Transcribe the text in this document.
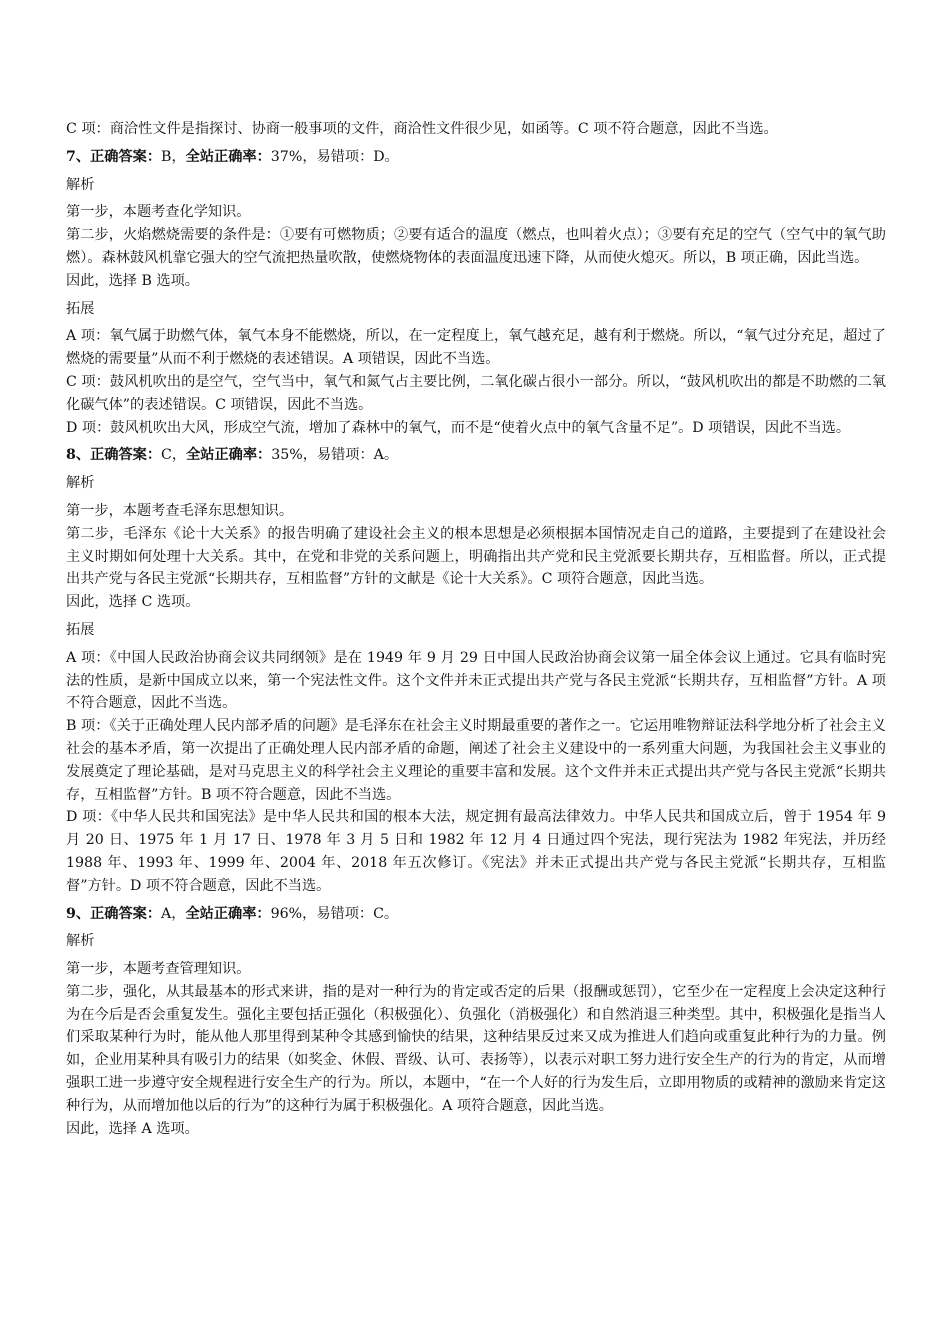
C 项：商洽性文件是指探讨、协商一般事项的文件，商洽性文件很少见，如函等。C 项不符合题意，因此不当选。

7、正确答案：B，全站正确率：37%，易错项：D。

解析

第一步，本题考查化学知识。

第二步，火焰燃烧需要的条件是：①要有可燃物质；②要有适合的温度（燃点，也叫着火点）；③要有充足的空气（空气中的氧气助燃）。森林鼓风机靠它强大的空气流把热量吹散，使燃烧物体的表面温度迅速下降，从而使火熄灭。所以，B 项正确，因此当选。

因此，选择 B 选项。

拓展

A 项：氧气属于助燃气体，氧气本身不能燃烧，所以，在一定程度上，氧气越充足，越有利于燃烧。所以，“氧气过分充足，超过了燃烧的需要量”从而不利于燃烧的表述错误。A 项错误，因此不当选。

C 项：鼓风机吹出的是空气，空气当中，氧气和氮气占主要比例，二氧化碳占很小一部分。所以，“鼓风机吹出的都是不助燃的二氧化碳气体”的表述错误。C 项错误，因此不当选。

D 项：鼓风机吹出大风，形成空气流，增加了森林中的氧气，而不是“使着火点中的氧气含量不足”。D 项错误，因此不当选。

8、正确答案：C，全站正确率：35%，易错项：A。

解析

第一步，本题考查毛泽东思想知识。

第二步，毛泽东《论十大关系》的报告明确了建设社会主义的根本思想是必须根据本国情况走自己的道路，主要提到了在建设社会主义时期如何处理十大关系。其中，在党和非党的关系问题上，明确指出共产党和民主党派要长期共存，互相监督。所以，正式提出共产党与各民主党派“长期共存，互相监督”方针的文献是《论十大关系》。C 项符合题意，因此当选。

因此，选择 C 选项。

拓展

A 项：《中国人民政治协商会议共同纲领》是在 1949 年 9 月 29 日中国人民政治协商会议第一届全体会议上通过。它具有临时宪法的性质，是新中国成立以来，第一个宪法性文件。这个文件并未正式提出共产党与各民主党派“长期共存，互相监督”方针。A 项不符合题意，因此不当选。

B 项：《关于正确处理人民内部矛盾的问题》是毛泽东在社会主义时期最重要的著作之一。它运用唯物辩证法科学地分析了社会主义社会的基本矛盾，第一次提出了正确处理人民内部矛盾的命题，阐述了社会主义建设中的一系列重大问题，为我国社会主义事业的发展奠定了理论基础，是对马克思主义的科学社会主义理论的重要丰富和发展。这个文件并未正式提出共产党与各民主党派“长期共存，互相监督”方针。B 项不符合题意，因此不当选。

D 项：《中华人民共和国宪法》是中华人民共和国的根本大法，规定拥有最高法律效力。中华人民共和国成立后，曾于 1954 年 9 月 20 日、1975 年 1 月 17 日、1978 年 3 月 5 日和 1982 年 12 月 4 日通过四个宪法，现行宪法为 1982 年宪法，并历经 1988 年、1993 年、1999 年、2004 年、2018 年五次修订。《宪法》并未正式提出共产党与各民主党派“长期共存，互相监督”方针。D 项不符合题意，因此不当选。

9、正确答案：A，全站正确率：96%，易错项：C。

解析

第一步，本题考查管理知识。

第二步，强化，从其最基本的形式来讲，指的是对一种行为的肯定或否定的后果（报酬或惩罚），它至少在一定程度上会决定这种行为在今后是否会重复发生。强化主要包括正强化（积极强化）、负强化（消极强化）和自然消退三种类型。其中，积极强化是指当人们采取某种行为时，能从他人那里得到某种令其感到愉快的结果，这种结果反过来又成为推进人们趋向或重复此种行为的力量。例如，企业用某种具有吸引力的结果（如奖金、休假、晋级、认可、表扬等），以表示对职工努力进行安全生产的行为的肯定，从而增强职工进一步遵守安全规程进行安全生产的行为。所以，本题中，“在一个人好的行为发生后，立即用物质的或精神的激励来肯定这种行为，从而增加他以后的行为”的这种行为属于积极强化。A 项符合题意，因此当选。

因此，选择 A 选项。
